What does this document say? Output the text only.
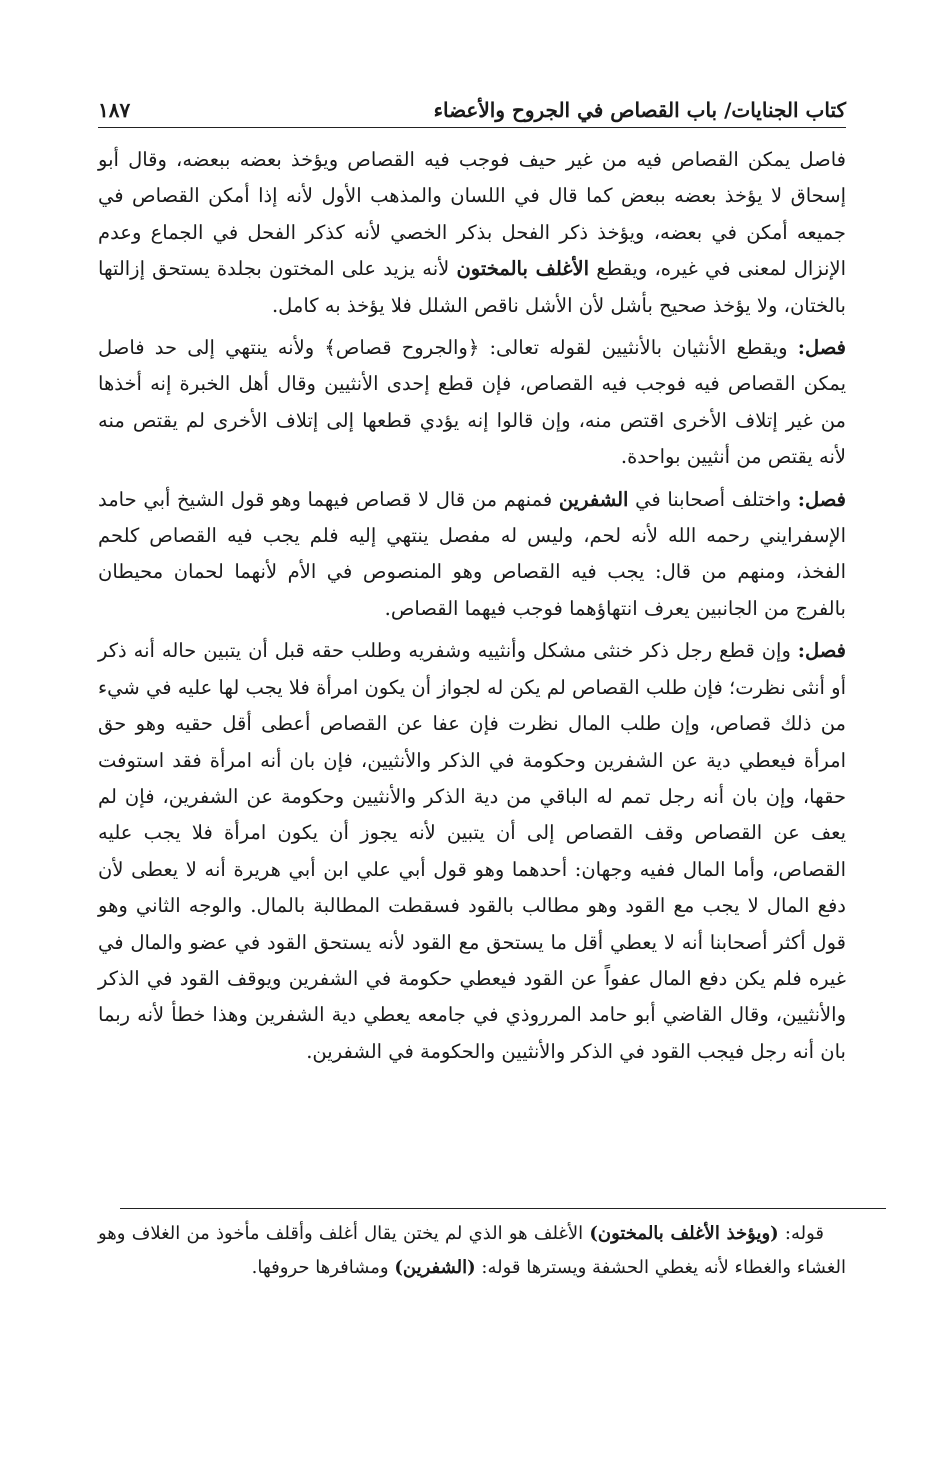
كتاب الجنايات/ باب القصاص في الجروح والأعضاء
١٨٧

فاصل يمكن القصاص فيه من غير حيف فوجب فيه القصاص ويؤخذ بعضه ببعضه، وقال أبو إسحاق لا يؤخذ بعضه ببعض كما قال في اللسان والمذهب الأول لأنه إذا أمكن القصاص في جميعه أمكن في بعضه، ويؤخذ ذكر الفحل بذكر الخصي لأنه كذكر الفحل في الجماع وعدم الإنزال لمعنى في غيره، ويقطع الأغلف بالمختون لأنه يزيد على المختون بجلدة يستحق إزالتها بالختان، ولا يؤخذ صحيح بأشل لأن الأشل ناقص الشلل فلا يؤخذ به كامل.

فصل: ويقطع الأنثيان بالأنثيين لقوله تعالى: ﴿والجروح قصاص﴾ ولأنه ينتهي إلى حد فاصل يمكن القصاص فيه فوجب فيه القصاص، فإن قطع إحدى الأنثيين وقال أهل الخبرة إنه أخذها من غير إتلاف الأخرى اقتص منه، وإن قالوا إنه يؤدي قطعها إلى إتلاف الأخرى لم يقتص منه لأنه يقتص من أنثيين بواحدة.

فصل: واختلف أصحابنا في الشفرين فمنهم من قال لا قصاص فيهما وهو قول الشيخ أبي حامد الإسفرايني رحمه الله لأنه لحم، وليس له مفصل ينتهي إليه فلم يجب فيه القصاص كلحم الفخذ، ومنهم من قال: يجب فيه القصاص وهو المنصوص في الأم لأنهما لحمان محيطان بالفرج من الجانبين يعرف انتهاؤهما فوجب فيهما القصاص.

فصل: وإن قطع رجل ذكر خنثى مشكل وأنثييه وشفريه وطلب حقه قبل أن يتبين حاله أنه ذكر أو أنثى نظرت؛ فإن طلب القصاص لم يكن له لجواز أن يكون امرأة فلا يجب لها عليه في شيء من ذلك قصاص، وإن طلب المال نظرت فإن عفا عن القصاص أعطى أقل حقيه وهو حق امرأة فيعطي دية عن الشفرين وحكومة في الذكر والأنثيين، فإن بان أنه امرأة فقد استوفت حقها، وإن بان أنه رجل تمم له الباقي من دية الذكر والأنثيين وحكومة عن الشفرين، فإن لم يعف عن القصاص وقف القصاص إلى أن يتبين لأنه يجوز أن يكون امرأة فلا يجب عليه القصاص، وأما المال ففيه وجهان: أحدهما وهو قول أبي علي ابن أبي هريرة أنه لا يعطى لأن دفع المال لا يجب مع القود وهو مطالب بالقود فسقطت المطالبة بالمال. والوجه الثاني وهو قول أكثر أصحابنا أنه لا يعطي أقل ما يستحق مع القود لأنه يستحق القود في عضو والمال في غيره فلم يكن دفع المال عفواً عن القود فيعطي حكومة في الشفرين ويوقف القود في الذكر والأنثيين، وقال القاضي أبو حامد المرروذي في جامعه يعطي دية الشفرين وهذا خطأ لأنه ربما بان أنه رجل فيجب القود في الذكر والأنثيين والحكومة في الشفرين.

قوله: (ويؤخذ الأغلف بالمختون) الأغلف هو الذي لم يختن يقال أغلف وأقلف مأخوذ من الغلاف وهو الغشاء والغطاء لأنه يغطي الحشفة ويسترها قوله: (الشفرين) ومشافرها حروفها.
